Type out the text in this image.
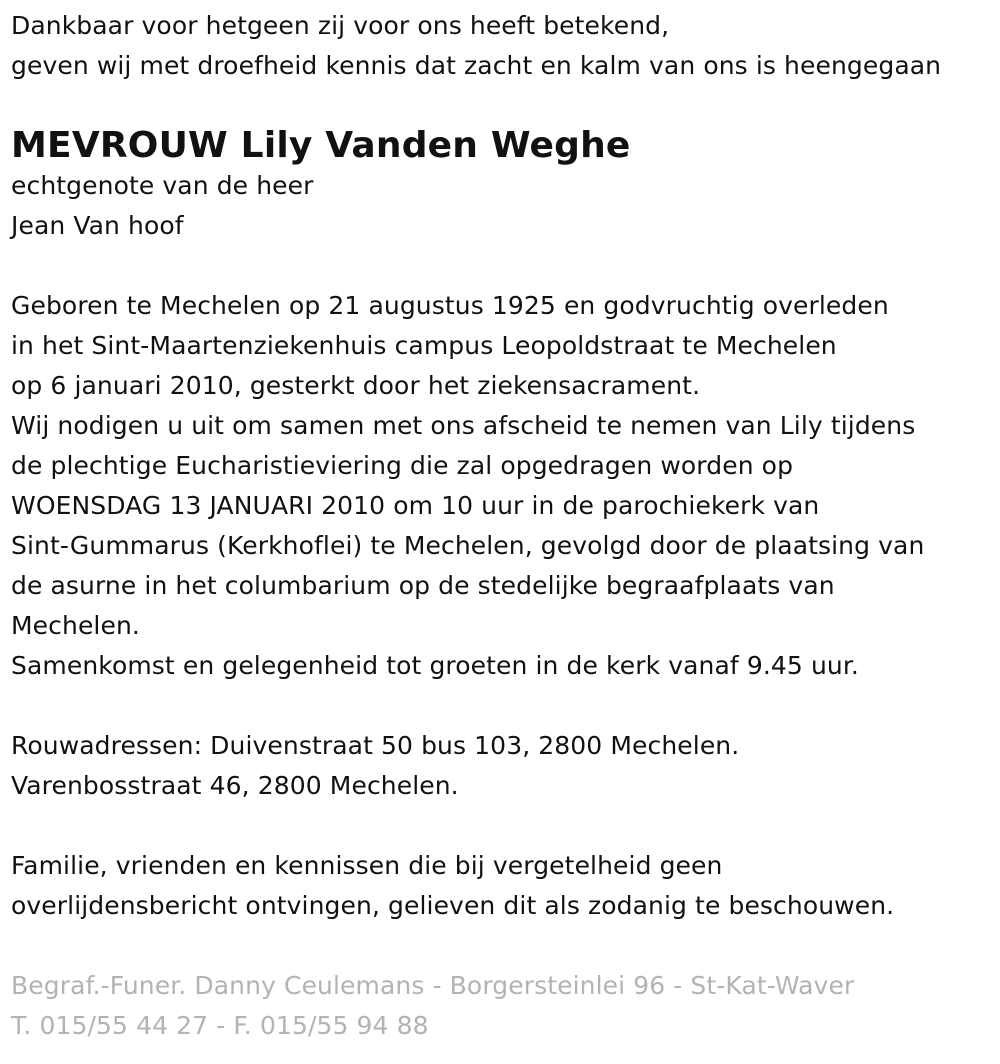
Dankbaar voor hetgeen zij voor ons heeft betekend,
geven wij met droefheid kennis dat zacht en kalm van ons is heengegaan
MEVROUW Lily Vanden Weghe
echtgenote van de heer
Jean Van hoof
Geboren te Mechelen op 21 augustus 1925 en godvruchtig overleden
in het Sint-Maartenziekenhuis campus Leopoldstraat te Mechelen
op 6 januari 2010, gesterkt door het ziekensacrament.
Wij nodigen u uit om samen met ons afscheid te nemen van Lily tijdens
de plechtige Eucharistieviering die zal opgedragen worden op
WOENSDAG 13 JANUARI 2010 om 10 uur in de parochiekerk van
Sint-Gummarus (Kerkhoflei) te Mechelen, gevolgd door de plaatsing van
de asurne in het columbarium op de stedelijke begraafplaats van
Mechelen.
Samenkomst en gelegenheid tot groeten in de kerk vanaf 9.45 uur.
Rouwadressen: Duivenstraat 50 bus 103, 2800 Mechelen.
Varenbosstraat 46, 2800 Mechelen.
Familie, vrienden en kennissen die bij vergetelheid geen
overlijdensbericht ontvingen, gelieven dit als zodanig te beschouwen.
Begraf.-Funer. Danny Ceulemans - Borgersteinlei 96 - St-Kat-Waver
T. 015/55 44 27 - F. 015/55 94 88
